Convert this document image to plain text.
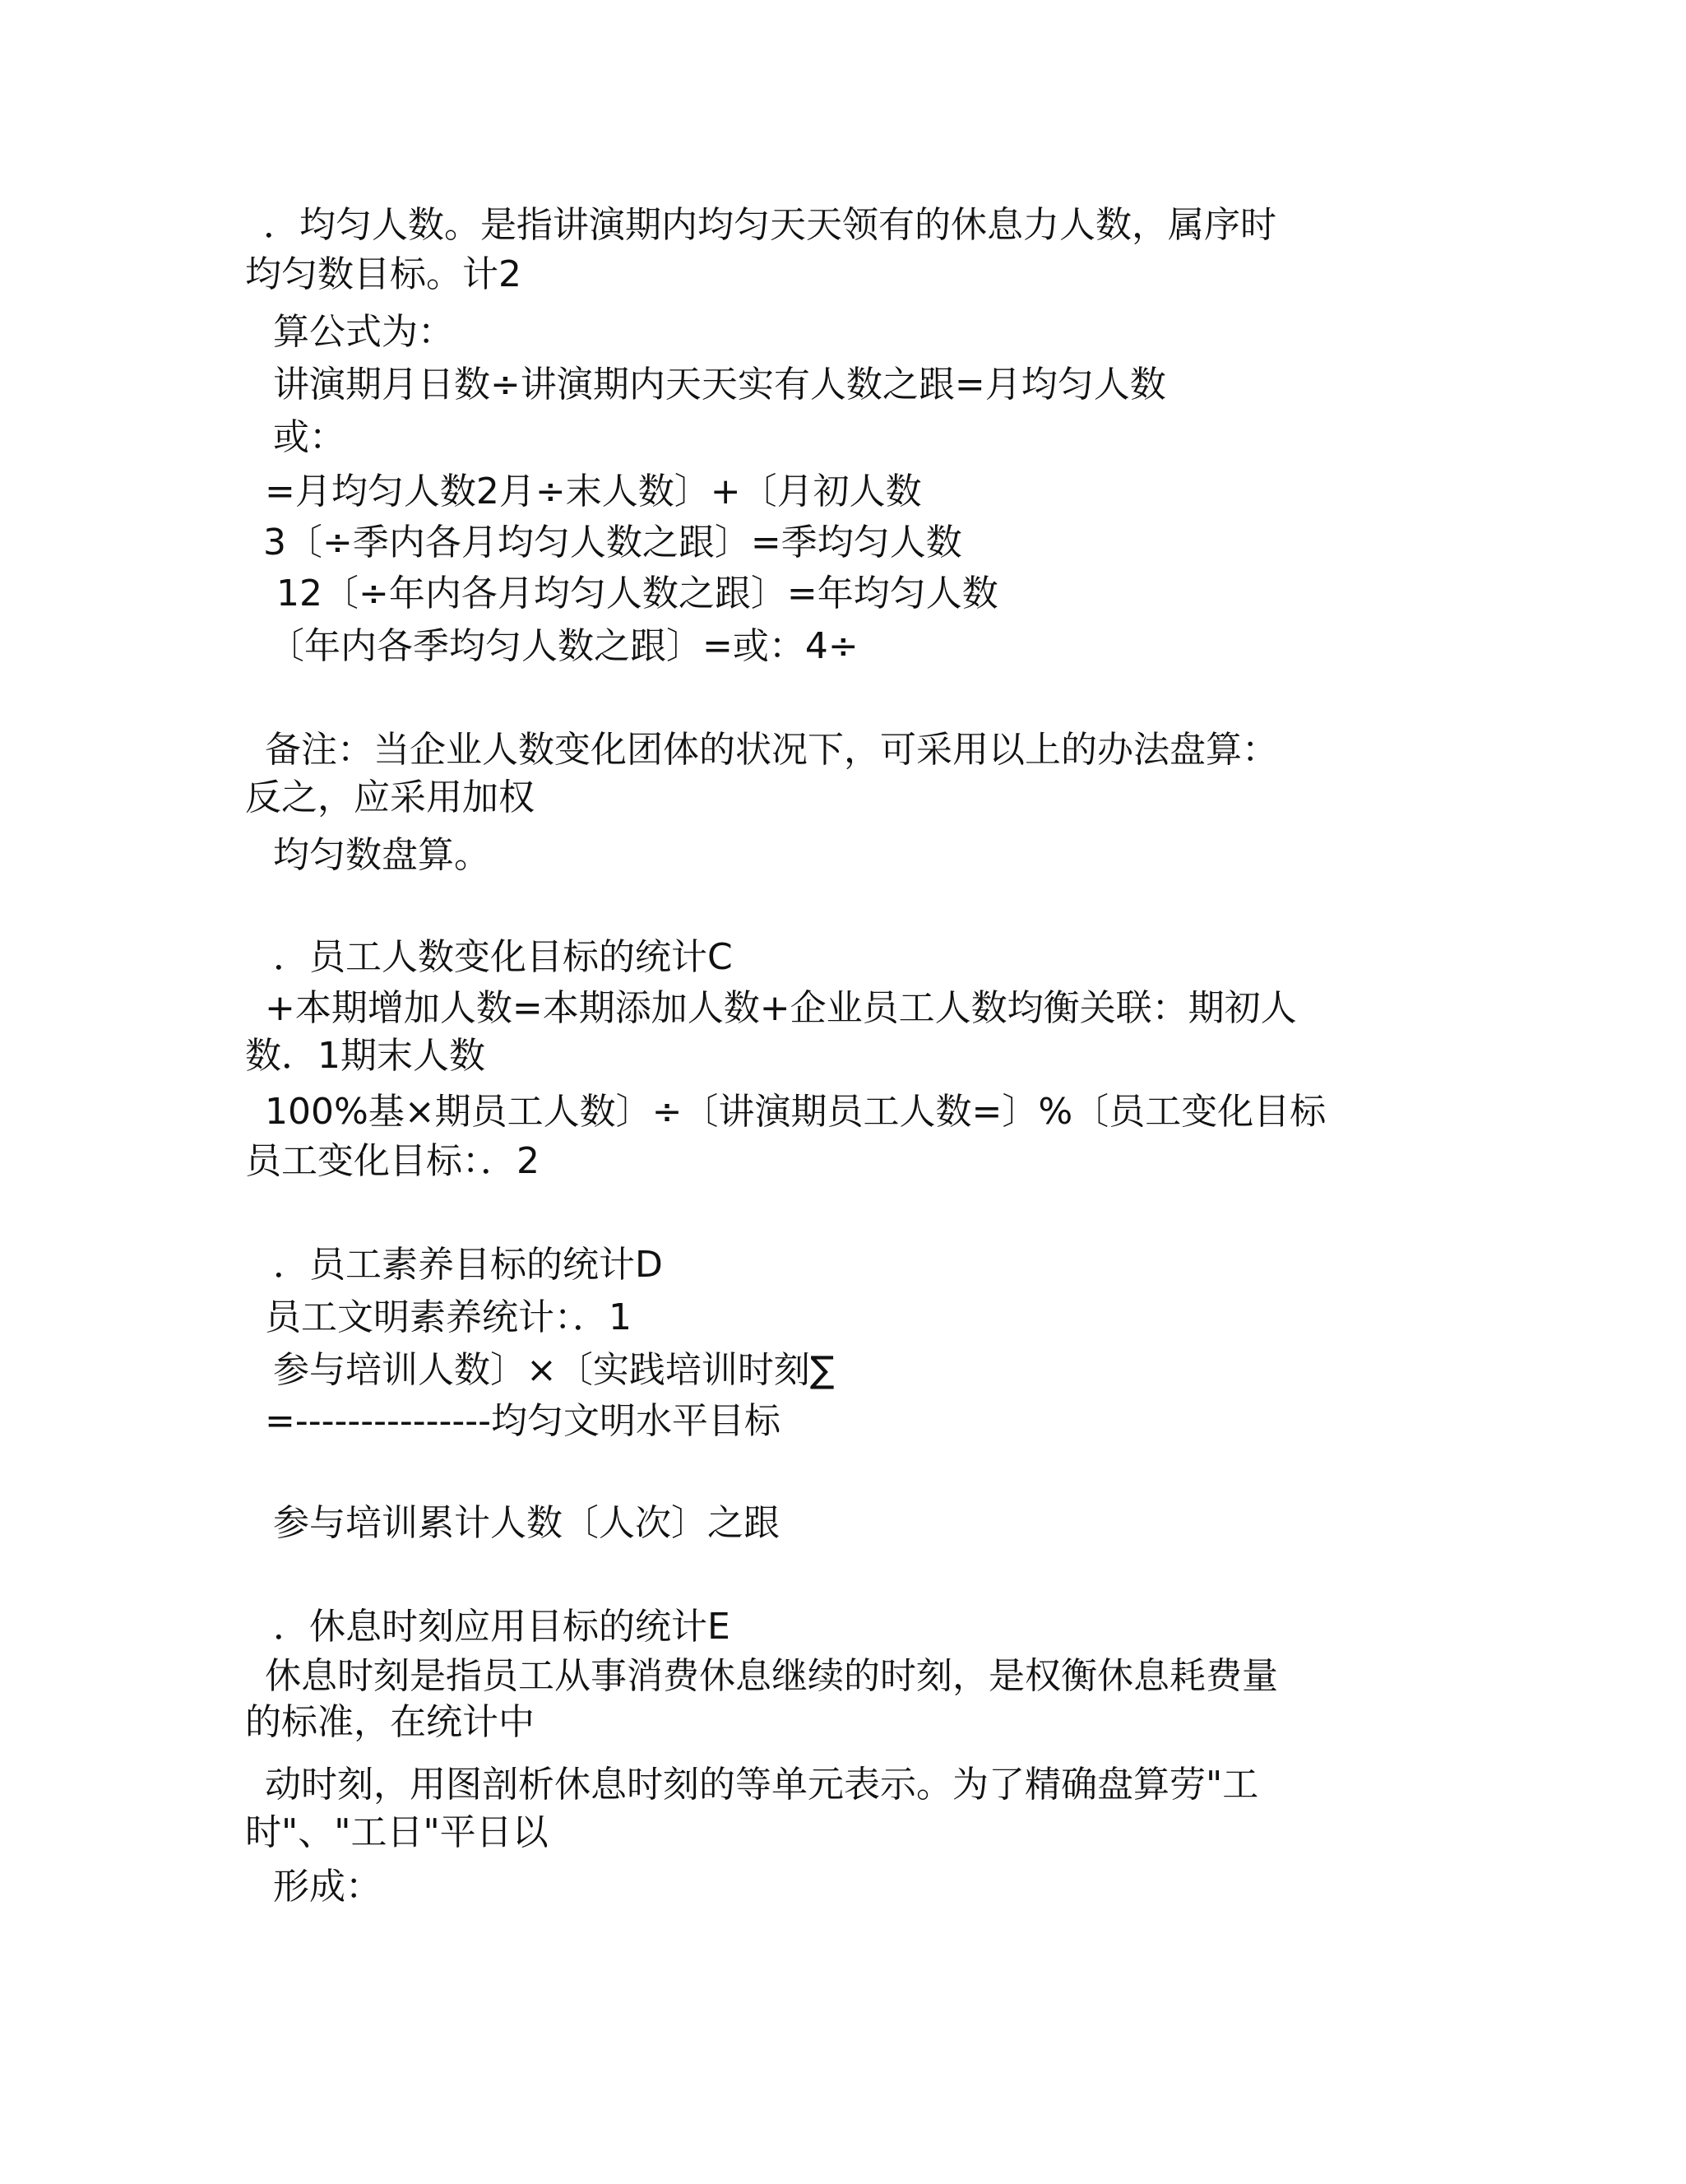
．均匀人数。是指讲演期内均匀天天领有的休息力人数，属序时
均匀数目标。计2
算公式为：
讲演期月日数÷讲演期内天天实有人数之跟=月均匀人数
或：
=月均匀人数2月÷末人数〕+〔月初人数
3〔÷季内各月均匀人数之跟〕=季均匀人数
12〔÷年内各月均匀人数之跟〕=年均匀人数
〔年内各季均匀人数之跟〕=或：4÷
备注：当企业人数变化团体的状况下，可采用以上的办法盘算：
反之，应采用加权
均匀数盘算。
．员工人数变化目标的统计C
+本期增加人数=本期添加人数+企业员工人数均衡关联：期初人
数．1期末人数
100%基×期员工人数〕÷〔讲演期员工人数=〕%〔员工变化目标
员工变化目标：．2
．员工素养目标的统计D
员工文明素养统计：．1
参与培训人数〕×〔实践培训时刻∑
=---------------均匀文明水平目标
参与培训累计人数〔人次〕之跟
．休息时刻应用目标的统计E
休息时刻是指员工从事消费休息继续的时刻，是权衡休息耗费量
的标准，在统计中
动时刻，用图剖析休息时刻的等单元表示。为了精确盘算劳"工
时"、"工日"平日以
形成：
